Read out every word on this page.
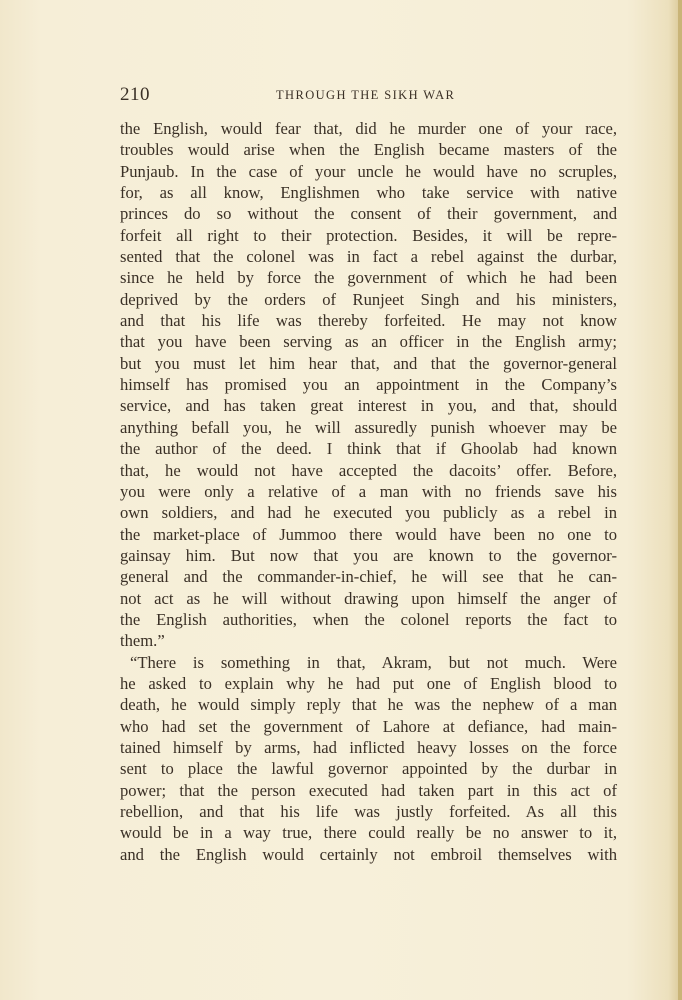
210	THROUGH THE SIKH WAR
the English, would fear that, did he murder one of your race,
troubles would arise when the English became masters of the
Punjaub. In the case of your uncle he would have no scruples,
for, as all know, Englishmen who take service with native
princes do so without the consent of their government, and
forfeit all right to their protection. Besides, it will be repre-
sented that the colonel was in fact a rebel against the durbar,
since he held by force the government of which he had been
deprived by the orders of Runjeet Singh and his ministers,
and that his life was thereby forfeited. He may not know
that you have been serving as an officer in the English army;
but you must let him hear that, and that the governor-general
himself has promised you an appointment in the Company’s
service, and has taken great interest in you, and that, should
anything befall you, he will assuredly punish whoever may be
the author of the deed. I think that if Ghoolab had known
that, he would not have accepted the dacoits’ offer. Before,
you were only a relative of a man with no friends save his
own soldiers, and had he executed you publicly as a rebel in
the market-place of Jummoo there would have been no one to
gainsay him. But now that you are known to the governor-
general and the commander-in-chief, he will see that he can-
not act as he will without drawing upon himself the anger of
the English authorities, when the colonel reports the fact to
them.”
“There is something in that, Akram, but not much. Were
he asked to explain why he had put one of English blood to
death, he would simply reply that he was the nephew of a man
who had set the government of Lahore at defiance, had main-
tained himself by arms, had inflicted heavy losses on the force
sent to place the lawful governor appointed by the durbar in
power; that the person executed had taken part in this act of
rebellion, and that his life was justly forfeited. As all this
would be in a way true, there could really be no answer to it,
and the English would certainly not embroil themselves with
